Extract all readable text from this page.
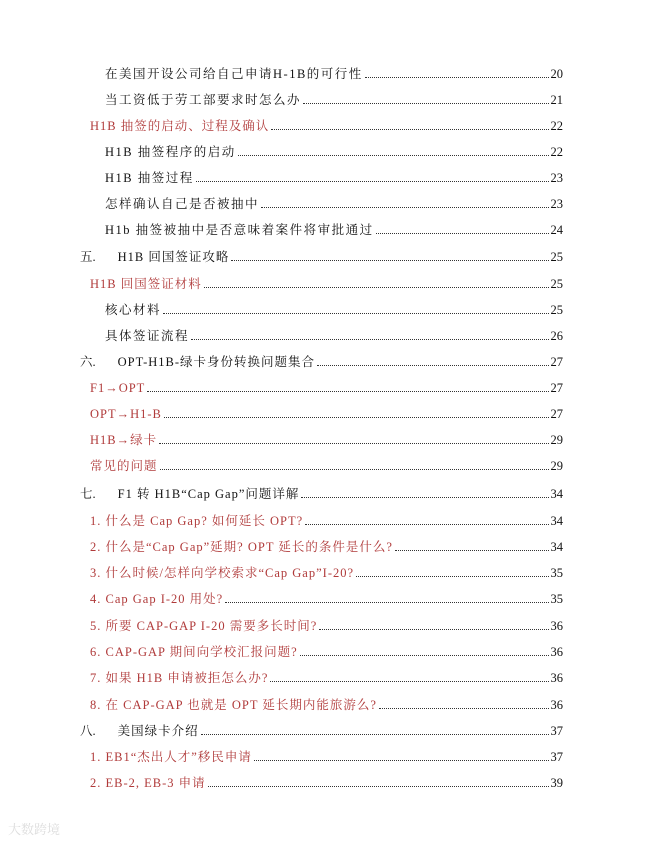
在美国开设公司给自己申请H-1B的可行性	20
当工资低于劳工部要求时怎么办	21
H1B 抽签的启动、过程及确认	22
H1B 抽签程序的启动	22
H1B 抽签过程	23
怎样确认自己是否被抽中	23
H1b 抽签被抽中是否意味着案件将审批通过	24
五. H1B 回国签证攻略	25
H1B 回国签证材料	25
核心材料	25
具体签证流程	26
六. OPT-H1B-绿卡身份转换问题集合	27
F1→OPT	27
OPT→H1-B	27
H1B→绿卡	29
常见的问题	29
七. F1 转 H1B“Cap Gap”问题详解	34
1. 什么是 Cap Gap? 如何延长 OPT?	34
2. 什么是“Cap Gap”延期? OPT 延长的条件是什么?	34
3. 什么时候/怎样向学校索求“Cap Gap”I-20?	35
4. Cap Gap I-20 用处?	35
5. 所要 CAP-GAP I-20 需要多长时间?	36
6. CAP-GAP 期间向学校汇报问题?	36
7. 如果 H1B 申请被拒怎么办?	36
8. 在 CAP-GAP 也就是 OPT 延长期内能旅游么?	36
八. 美国绿卡介绍	37
1. EB1“杰出人才”移民申请	37
2. EB-2, EB-3 申请	39
大数跨境
